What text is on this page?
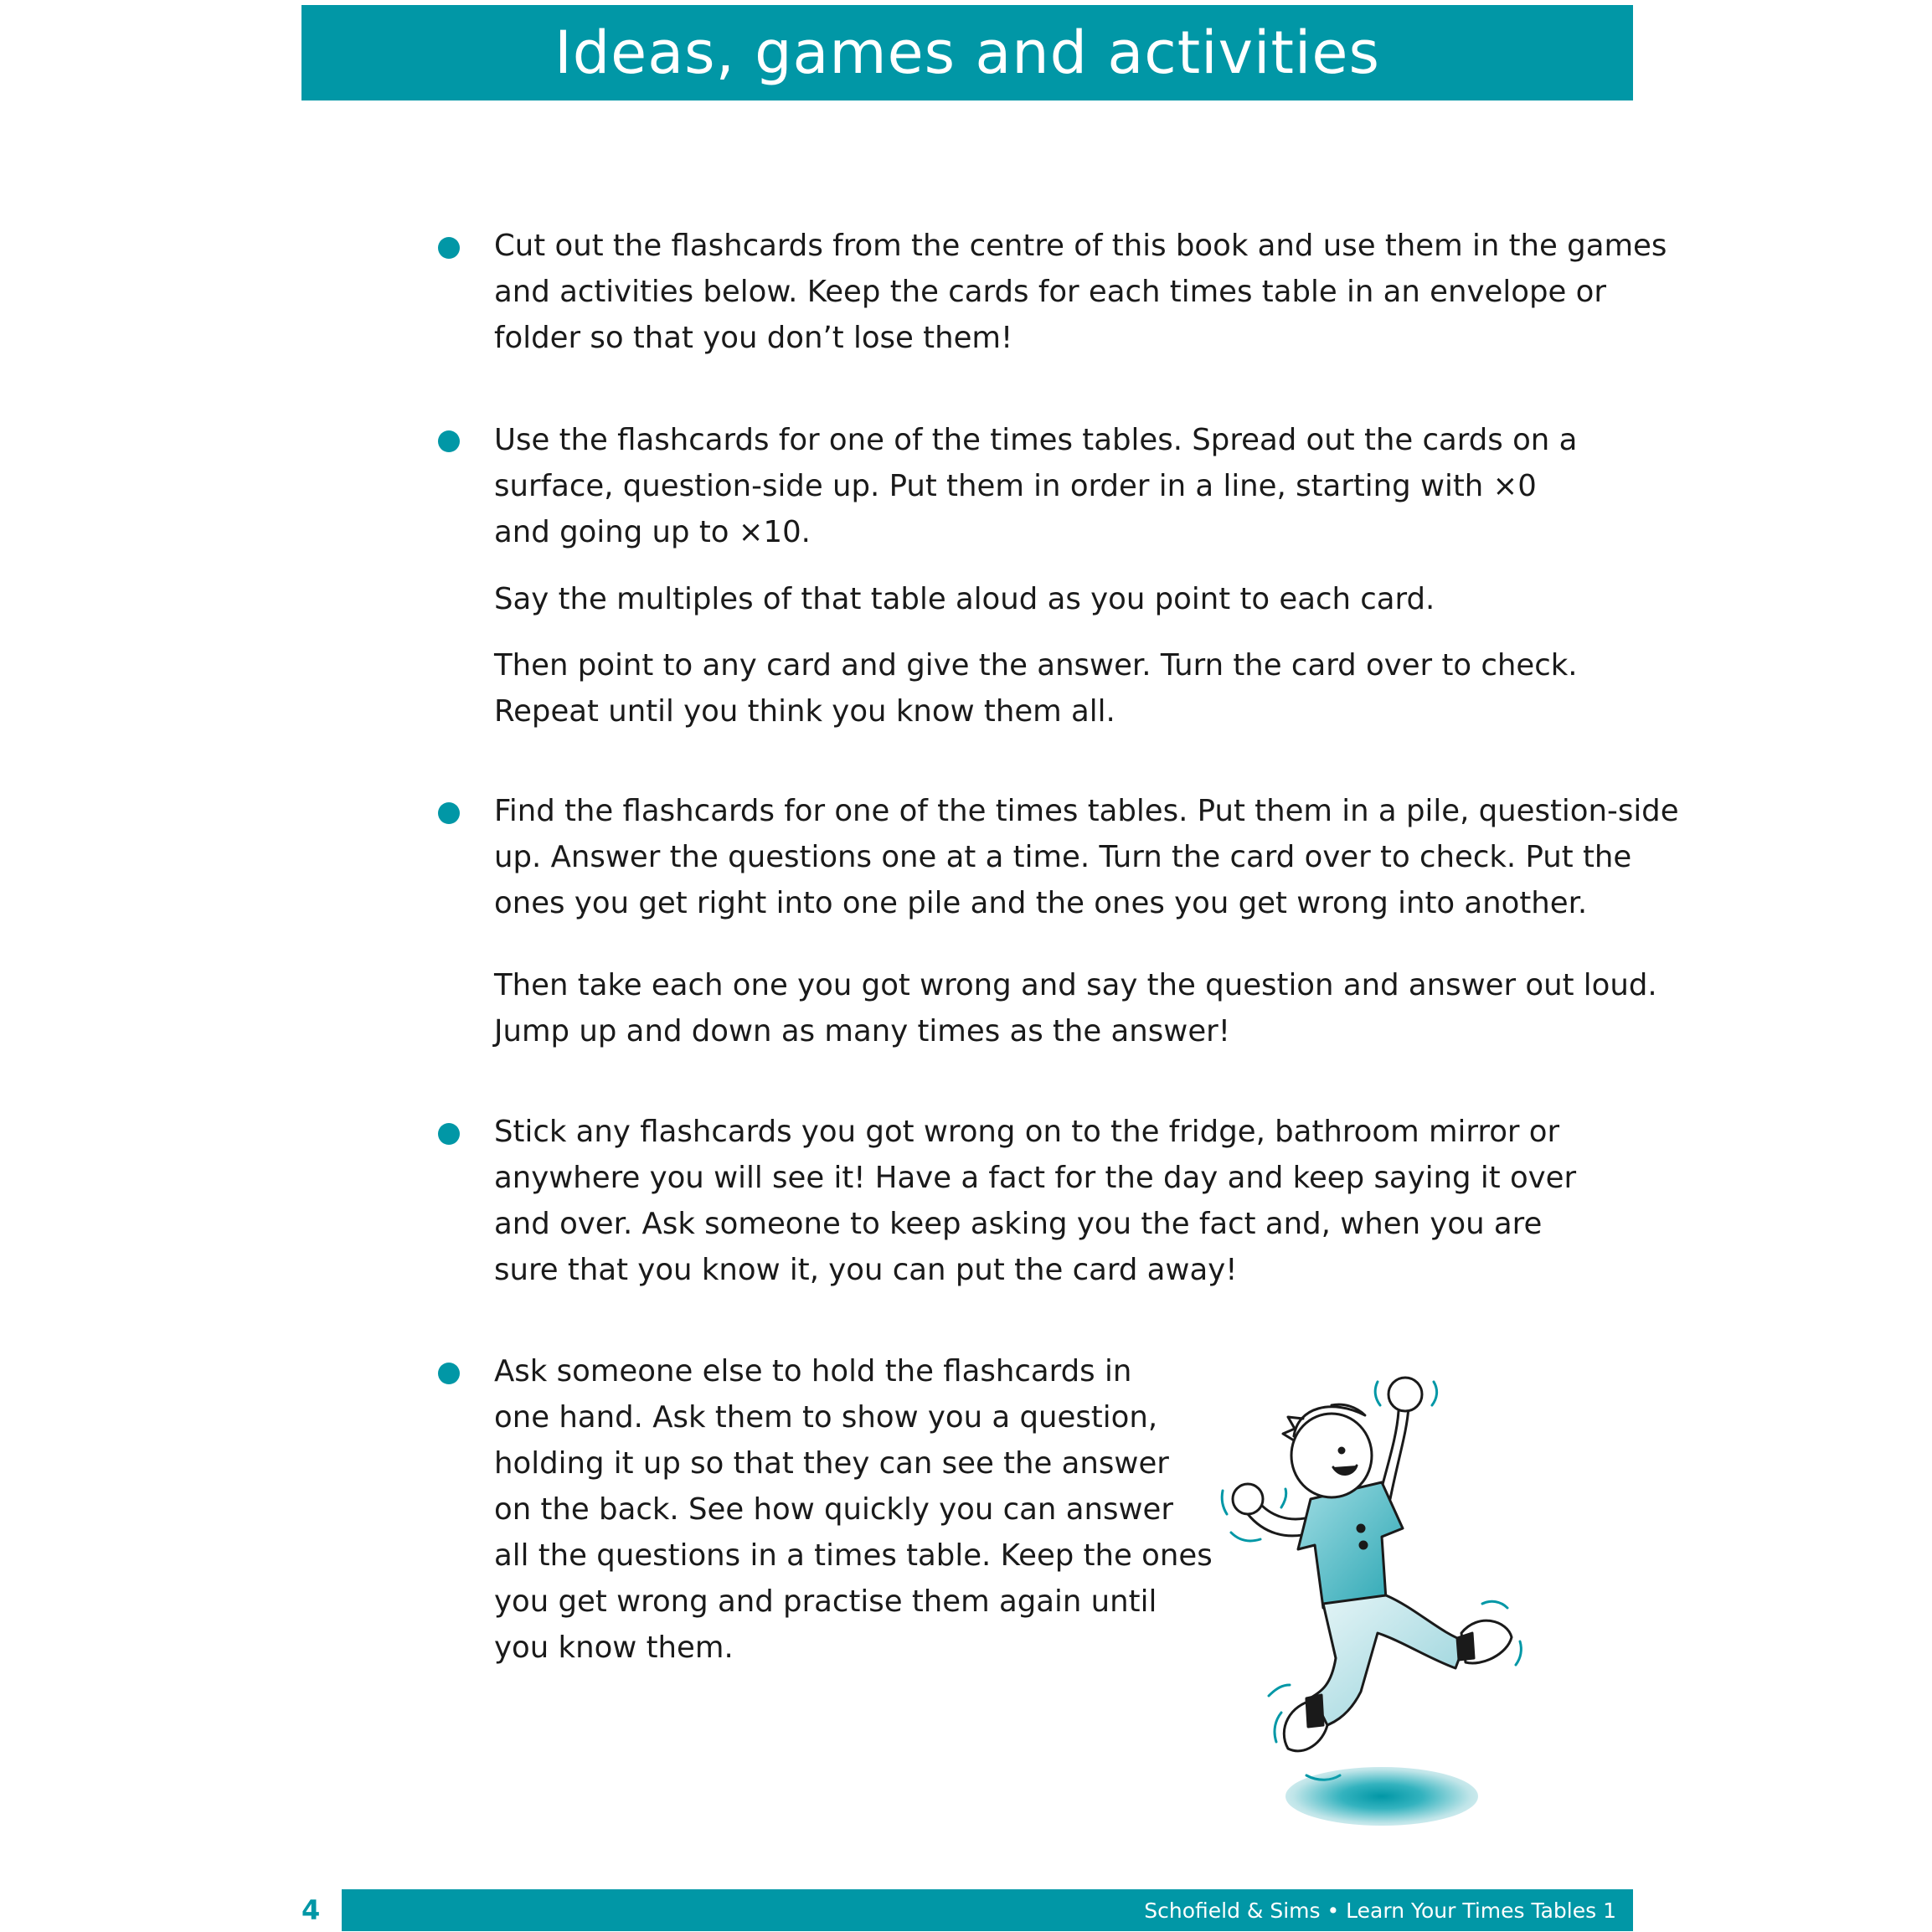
Ideas, games and activities
Cut out the flashcards from the centre of this book and use them in the games
and activities below. Keep the cards for each times table in an envelope or
folder so that you don’t lose them!
Use the flashcards for one of the times tables. Spread out the cards on a
surface, question-side up. Put them in order in a line, starting with ×0
and going up to ×10.
Say the multiples of that table aloud as you point to each card.
Then point to any card and give the answer. Turn the card over to check.
Repeat until you think you know them all.
Find the flashcards for one of the times tables. Put them in a pile, question-side
up. Answer the questions one at a time. Turn the card over to check. Put the
ones you get right into one pile and the ones you get wrong into another.
Then take each one you got wrong and say the question and answer out loud.
Jump up and down as many times as the answer!
Stick any flashcards you got wrong on to the fridge, bathroom mirror or
anywhere you will see it! Have a fact for the day and keep saying it over
and over. Ask someone to keep asking you the fact and, when you are
sure that you know it, you can put the card away!
Ask someone else to hold the flashcards in
one hand. Ask them to show you a question,
holding it up so that they can see the answer
on the back. See how quickly you can answer
all the questions in a times table. Keep the ones
you get wrong and practise them again until
you know them.
Schofield & Sims • Learn Your Times Tables 1
4
